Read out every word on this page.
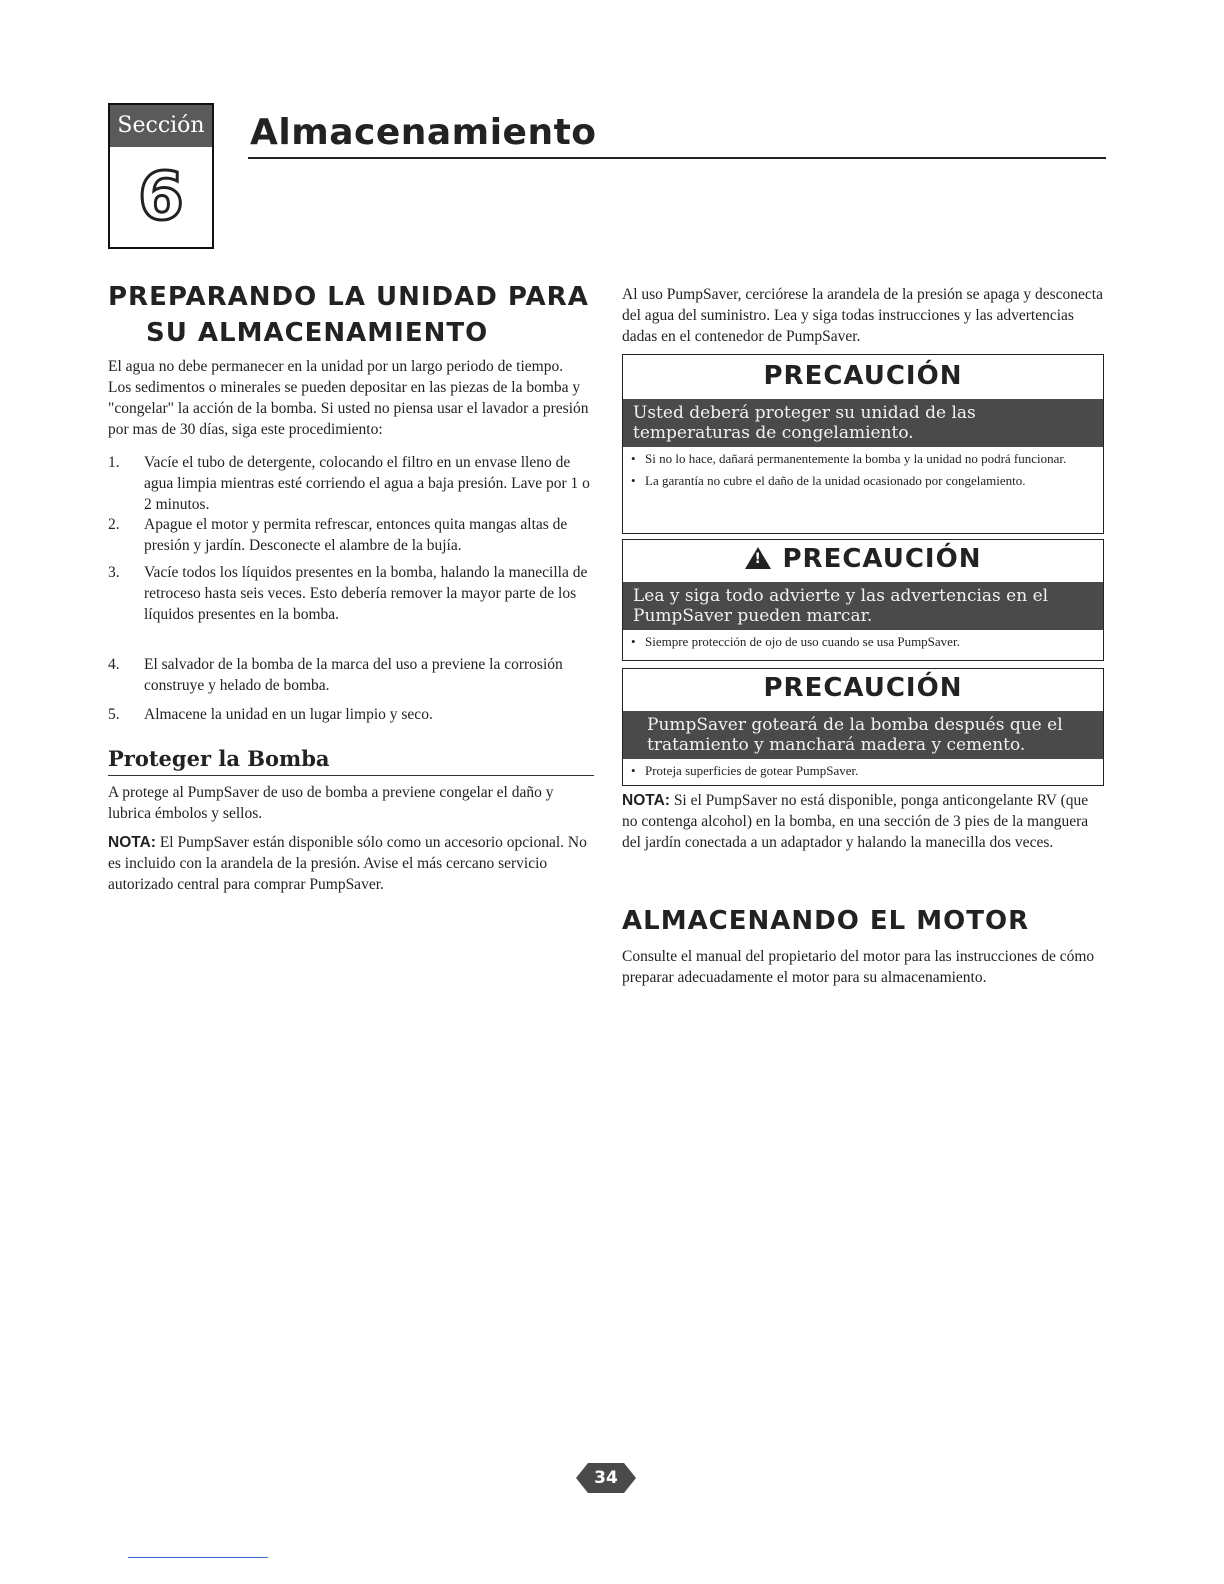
Sección
6
Almacenamiento
PREPARANDO LA UNIDAD PARA
SU ALMACENAMIENTO
El agua no debe permanecer en la unidad por un largo periodo de tiempo. Los sedimentos o minerales se pueden depositar en las piezas de la bomba y "congelar" la acción de la bomba. Si usted no piensa usar el lavador a presión por mas de 30 días, siga este procedimiento:
1.	Vacíe el tubo de detergente, colocando el filtro en un envase lleno de agua limpia mientras esté corriendo el agua a baja presión. Lave por 1 o 2 minutos.
2.	Apague el motor y permita refrescar, entonces quita mangas altas de presión y jardín. Desconecte el alambre de la bujía.
3.	Vacíe todos los líquidos presentes en la bomba, halando la manecilla de retroceso hasta seis veces. Esto debería remover la mayor parte de los líquidos presentes en la bomba.
4.	El salvador de la bomba de la marca del uso a previene la corrosión construye y helado de bomba.
5.	Almacene la unidad en un lugar limpio y seco.
Proteger la Bomba
A protege al PumpSaver de uso de bomba a previene congelar el daño y lubrica émbolos y sellos.
NOTA: El PumpSaver están disponible sólo como un accesorio opcional. No es incluido con la arandela de la presión. Avise el más cercano servicio autorizado central para comprar PumpSaver.
Al uso PumpSaver, cerciórese la arandela de la presión se apaga y desconecta del agua del suministro. Lea y siga todas instrucciones y las advertencias dadas en el contenedor de PumpSaver.
PRECAUCIÓN
Usted deberá proteger su unidad de las temperaturas de congelamiento.
• Si no lo hace, dañará permanentemente la bomba y la unidad no podrá funcionar.
• La garantía no cubre el daño de la unidad ocasionado por congelamiento.
! PRECAUCIÓN
Lea y siga todo advierte y las advertencias en el PumpSaver pueden marcar.
• Siempre protección de ojo de uso cuando se usa PumpSaver.
PRECAUCIÓN
PumpSaver goteará de la bomba después que el tratamiento y manchará madera y cemento.
• Proteja superficies de gotear PumpSaver.
NOTA: Si el PumpSaver no está disponible, ponga anticongelante RV (que no contenga alcohol) en la bomba, en una sección de 3 pies de la manguera del jardín conectada a un adaptador y halando la manecilla dos veces.
ALMACENANDO EL MOTOR
Consulte el manual del propietario del motor para las instrucciones de cómo preparar adecuadamente el motor para su almacenamiento.
34
